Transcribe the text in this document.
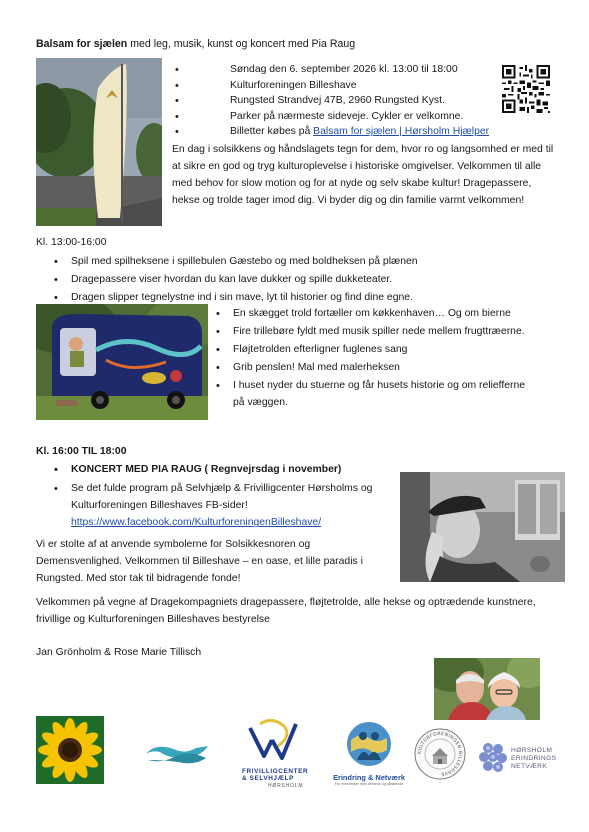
Balsam for sjælen med leg, musik, kunst og koncert med Pia Raug
• Søndag den 6. september 2026 kl. 13:00 til 18:00
• Kulturforeningen Billeshave
• Rungsted Strandvej 47B, 2960 Rungsted Kyst.
• Parker på nærmeste sideveje. Cykler er velkomne.
• Billetter købes på Balsam for sjælen | Hørsholm Hjælper

En dag i solsikkens og håndslagets tegn for dem, hvor ro og langsomhed er med til at sikre en god og tryg kulturoplevelse i historiske omgivelser. Velkommen til alle med behov for slow motion og for at nyde og selv skabe kultur! Dragepassere, hekse og trolde tager imod dig. Vi byder dig og din familie varmt velkommen!

Kl. 13:00-16:00
• Spil med spilheksene i spillebulen Gæstebo og med boldheksen på plænen
• Dragepassere viser hvordan du kan lave dukker og spille dukketeater.
• Dragen slipper tegnelystne ind i sin mave, lyt til historier og find dine egne.
• En skægget trold fortæller om køkkenhaven… Og om bierne
• Fire trillebøre fyldt med musik spiller nede mellem frugttræerne.
• Fløjtetrolden efterligner fuglenes sang
• Grib penslen! Mal med malerheksen
• I huset nyder du stuerne og får husets historie og om reliefferne på væggen.
Kl. 16:00 TIL 18:00
• KONCERT MED PIA RAUG ( Regnvejrsdag i november)
• Se det fulde program på Selvhjælp & Frivilligcenter Hørsholms og Kulturforeningen Billeshaves FB-sider!
https://www.facebook.com/KulturforeningenBilleshave/

Vi er stolte af at anvende symbolerne for Solsikkesnoren og Demensvenlighed. Velkommen til Billeshave – en oase, et lille paradis i Rungsted. Med stor tak til bidragende fonde!

Velkommen på vegne af Dragekompagniets dragepassere, fløjtetrolde, alle hekse og optrædende kunstnere, frivillige og Kulturforeningen Billeshaves bestyrelse

Jan Grönholm & Rose Marie Tillisch
FRIVILLIGCENTER
& SELVHJÆLP
HØRSHOLM
Erindring & Netværk
For mennesker med demens og pårørende
KULTURFORENINGEN BILLESHAVE
HØRSHOLM
ERINDRINGS
NETVÆRK
